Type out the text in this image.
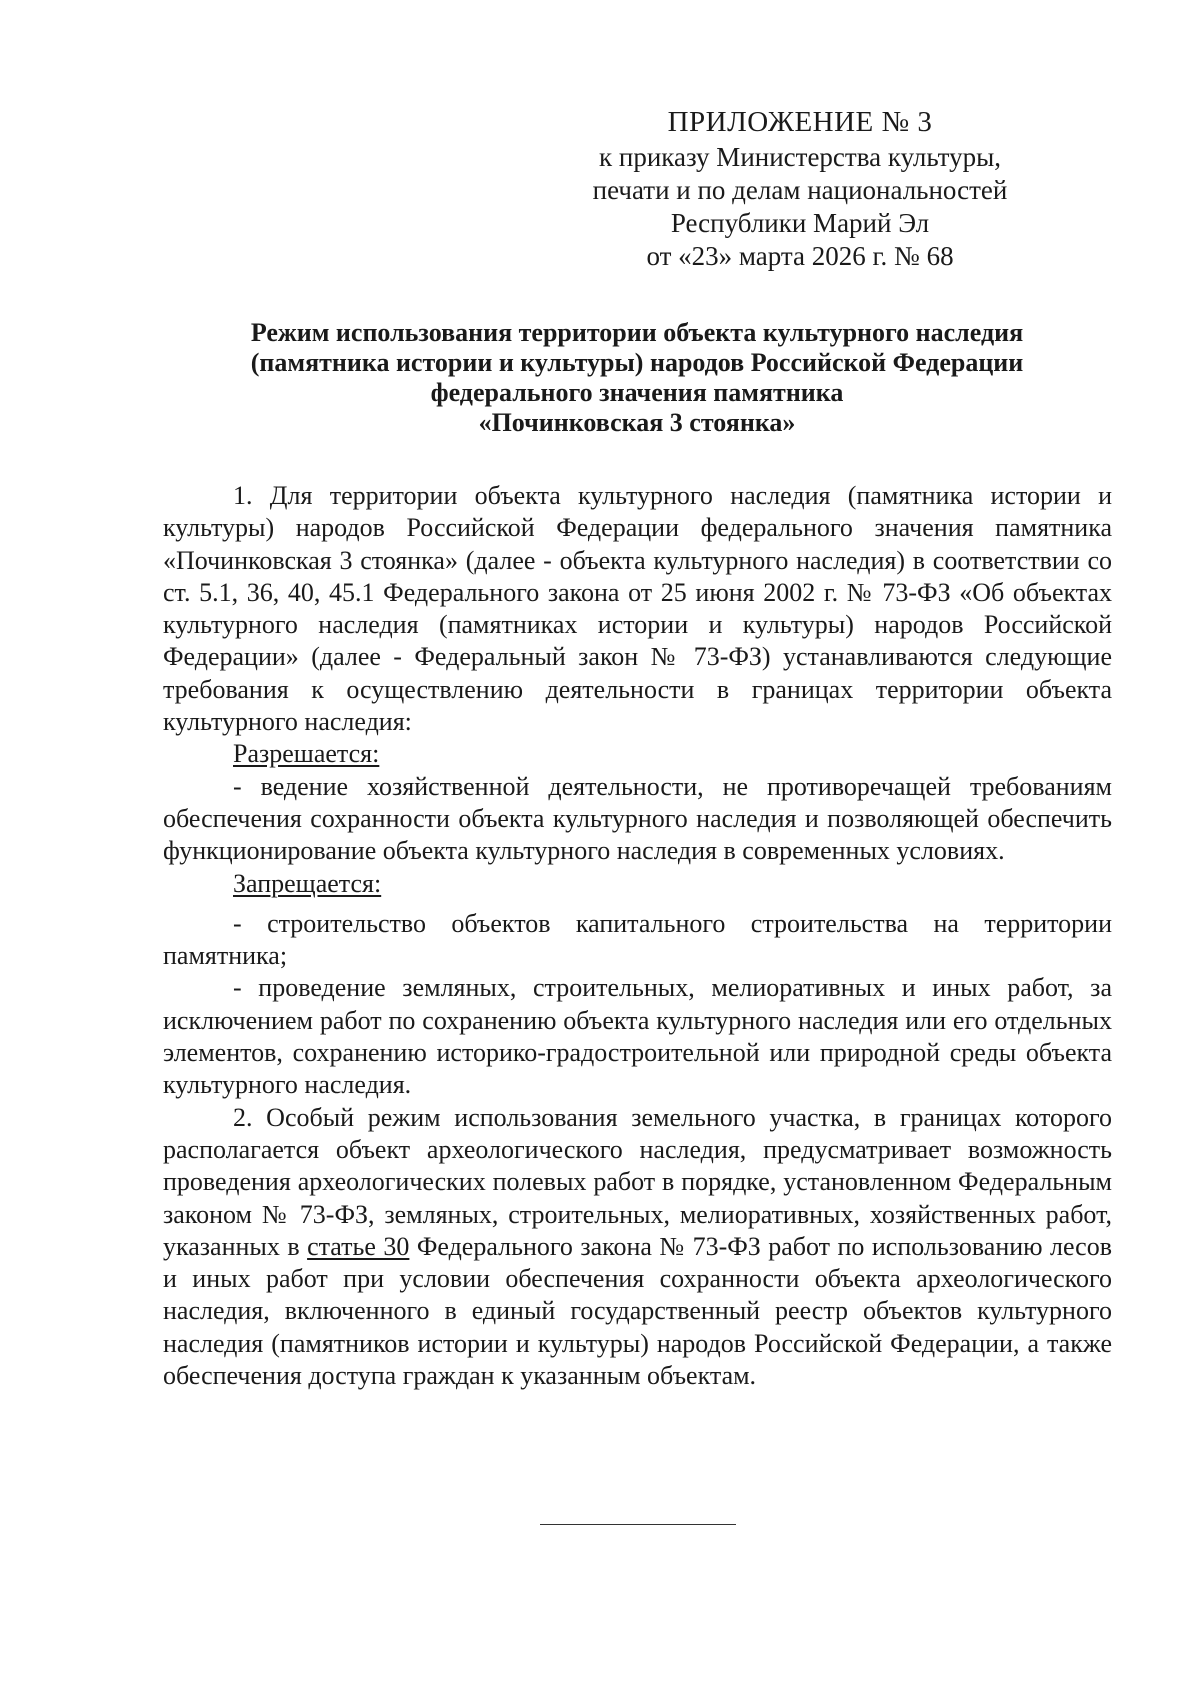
ПРИЛОЖЕНИЕ № 3
к приказу Министерства культуры,
печати и по делам национальностей
Республики Марий Эл
от «23» марта 2026 г. № 68
Режим использования территории объекта культурного наследия
(памятника истории и культуры) народов Российской Федерации
федерального значения памятника
«Починковская 3 стоянка»

1. Для территории объекта культурного наследия (памятника истории и культуры) народов Российской Федерации федерального значения памятника «Починковская 3 стоянка» (далее - объекта культурного наследия) в соответствии со ст. 5.1, 36, 40, 45.1 Федерального закона от 25 июня 2002 г. № 73-ФЗ «Об объектах культурного наследия (памятниках истории и культуры) народов Российской Федерации» (далее - Федеральный закон № 73-ФЗ) устанавливаются следующие требования к осуществлению деятельности в границах территории объекта культурного наследия:

Разрешается:

- ведение хозяйственной деятельности, не противоречащей требованиям обеспечения сохранности объекта культурного наследия и позволяющей обеспечить функционирование объекта культурного наследия в современных условиях.

Запрещается:

- строительство объектов капитального строительства на территории памятника;

- проведение земляных, строительных, мелиоративных и иных работ, за исключением работ по сохранению объекта культурного наследия или его отдельных элементов, сохранению историко-градостроительной или природной среды объекта культурного наследия.

2. Особый режим использования земельного участка, в границах которого располагается объект археологического наследия, предусматривает возможность проведения археологических полевых работ в порядке, установленном Федеральным законом № 73-ФЗ, земляных, строительных, мелиоративных, хозяйственных работ, указанных в статье 30 Федерального закона № 73-ФЗ работ по использованию лесов и иных работ при условии обеспечения сохранности объекта археологического наследия, включенного в единый государственный реестр объектов культурного наследия (памятников истории и культуры) народов Российской Федерации, а также обеспечения доступа граждан к указанным объектам.
